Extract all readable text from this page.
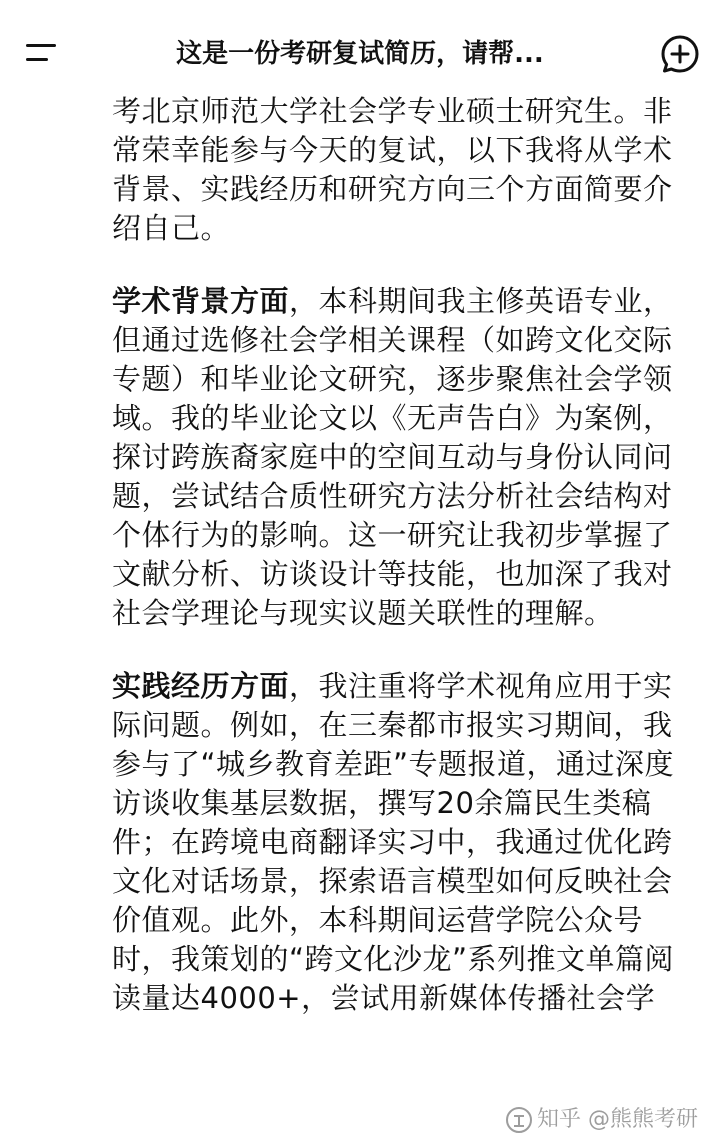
这是一份考研复试简历，请帮...

考北京师范大学社会学专业硕士研究生。非常荣幸能参与今天的复试，以下我将从学术背景、实践经历和研究方向三个方面简要介绍自己。

学术背景方面，本科期间我主修英语专业，但通过选修社会学相关课程（如跨文化交际专题）和毕业论文研究，逐步聚焦社会学领域。我的毕业论文以《无声告白》为案例，探讨跨族裔家庭中的空间互动与身份认同问题，尝试结合质性研究方法分析社会结构对个体行为的影响。这一研究让我初步掌握了文献分析、访谈设计等技能，也加深了我对社会学理论与现实议题关联性的理解。

实践经历方面，我注重将学术视角应用于实际问题。例如，在三秦都市报实习期间，我参与了“城乡教育差距”专题报道，通过深度访谈收集基层数据，撰写20余篇民生类稿件；在跨境电商翻译实习中，我通过优化跨文化对话场景，探索语言模型如何反映社会价值观。此外，本科期间运营学院公众号时，我策划的“跨文化沙龙”系列推文单篇阅读量达4000+，尝试用新媒体传播社会学

知乎 @熊熊考研
